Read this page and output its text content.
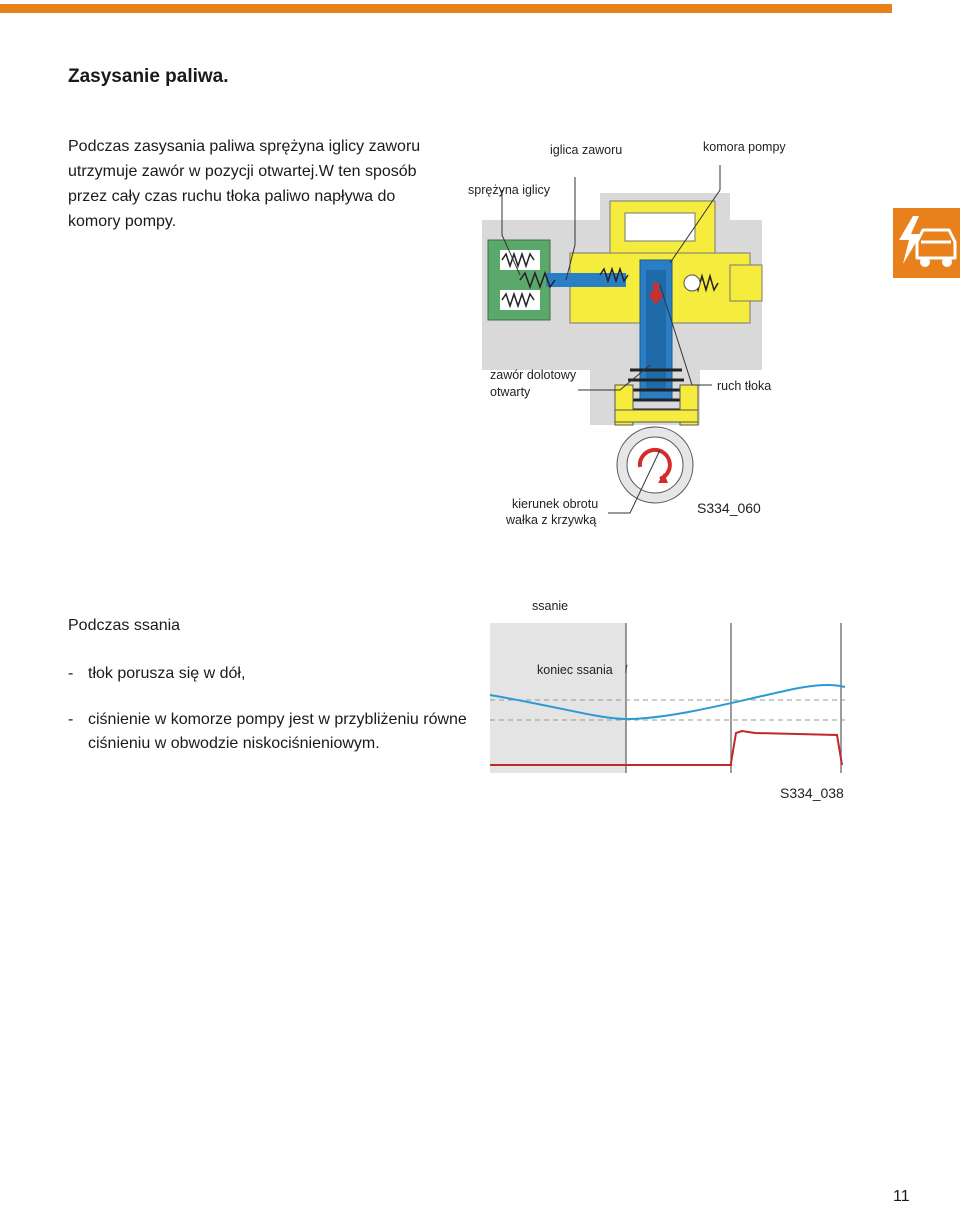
Zasysanie paliwa.

Podczas zasysania paliwa sprężyna iglicy zaworu utrzymuje zawór w pozycji otwartej.W ten sposób przez cały czas ruchu tłoka paliwo napływa do komory pompy.

iglica zaworu	komora pompy
sprężyna iglicy
zawór dolotowy
otwarty	ruch tłoka
kierunek obrotu
wałka z krzywką
S334_060
Podczas ssania
- tłok porusza się w dół,
- ciśnienie w komorze pompy jest w przybliżeniu równe ciśnieniu w obwodzie niskociśnieniowym.
ssanie
koniec ssania
S334_038
11
